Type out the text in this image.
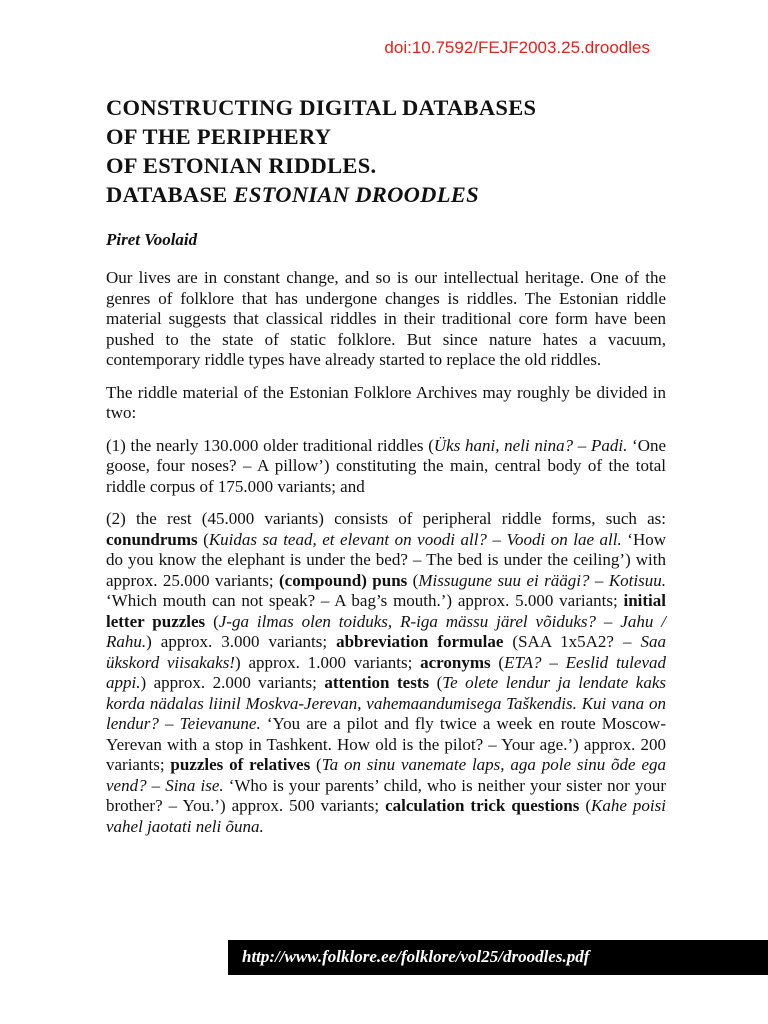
doi:10.7592/FEJF2003.25.droodles
CONSTRUCTING DIGITAL DATABASES
OF THE PERIPHERY
OF ESTONIAN RIDDLES.
DATABASE ESTONIAN DROODLES

Piret Voolaid

Our lives are in constant change, and so is our intellectual heritage. One of the genres of folklore that has undergone changes is riddles. The Estonian riddle material suggests that classical riddles in their traditional core form have been pushed to the state of static folklore. But since nature hates a vacuum, contemporary riddle types have already started to replace the old riddles.

The riddle material of the Estonian Folklore Archives may roughly be divided in two:

(1) the nearly 130.000 older traditional riddles (Üks hani, neli nina? – Padi. ‘One goose, four noses? – A pillow’) constituting the main, central body of the total riddle corpus of 175.000 variants; and

(2) the rest (45.000 variants) consists of peripheral riddle forms, such as: conundrums (Kuidas sa tead, et elevant on voodi all? – Voodi on lae all. ‘How do you know the elephant is under the bed? – The bed is under the ceiling’) with approx. 25.000 variants; (compound) puns (Missugune suu ei räägi? – Kotisuu. ‘Which mouth can not speak? – A bag’s mouth.’) approx. 5.000 variants; initial letter puzzles (J-ga ilmas olen toiduks, R-iga mässu järel võiduks? – Jahu / Rahu.) approx. 3.000 variants; abbreviation formulae (SAA 1x5A2? – Saa ükskord viisakaks!) approx. 1.000 variants; acronyms (ETA? – Eeslid tulevad appi.) approx. 2.000 variants; attention tests (Te olete lendur ja lendate kaks korda nädalas liinil Moskva-Jerevan, vahemaandumisega Taškendis. Kui vana on lendur? – Teievanune. ‘You are a pilot and fly twice a week en route Moscow-Yerevan with a stop in Tashkent. How old is the pilot? – Your age.’) approx. 200 variants; puzzles of relatives (Ta on sinu vanemate laps, aga pole sinu õde ega vend? – Sina ise. ‘Who is your parents’ child, who is neither your sister nor your brother? – You.’) approx. 500 variants; calculation trick questions (Kahe poisi vahel jaotati neli õuna.

http://www.folklore.ee/folklore/vol25/droodles.pdf
